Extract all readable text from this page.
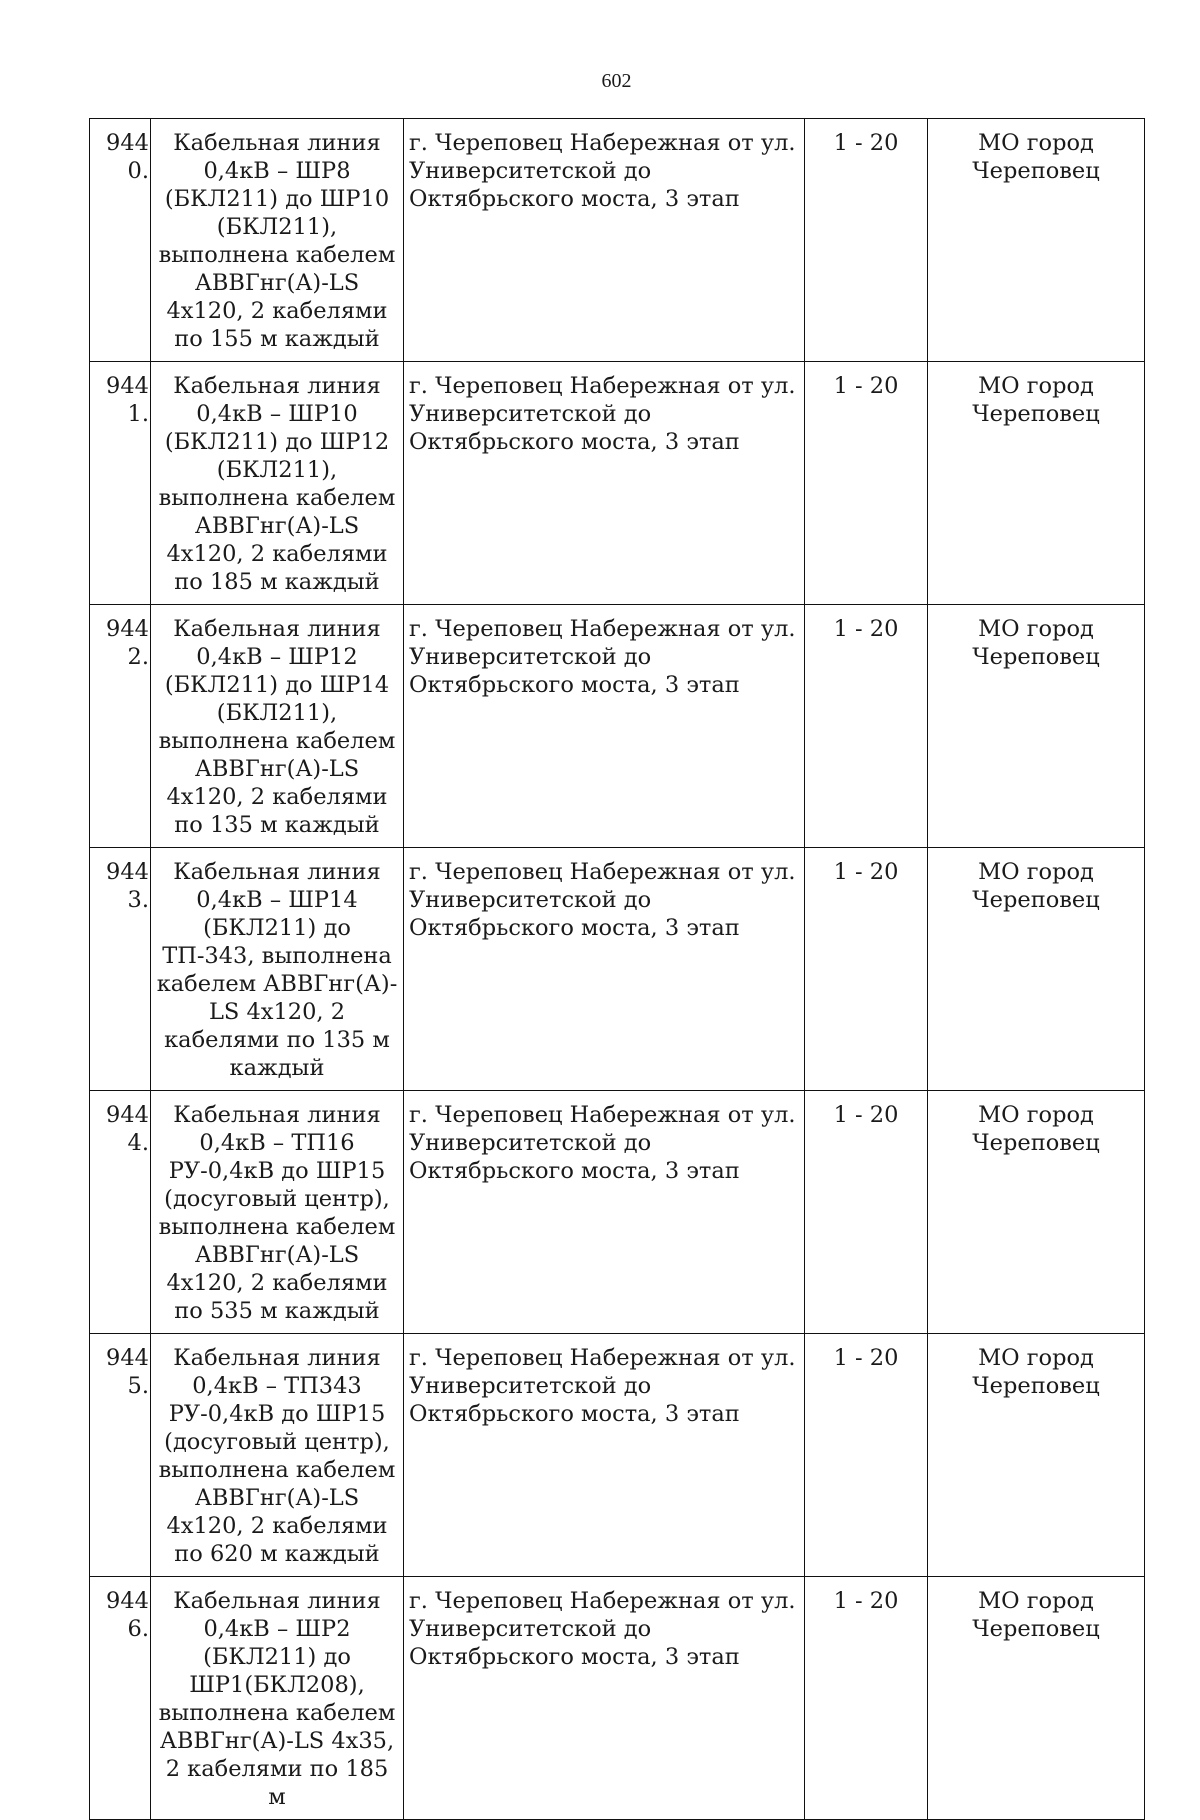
602
9440.	Кабельная линия 0,4кВ – ШР8 (БКЛ211) до ШР10 (БКЛ211), выполнена кабелем АВВГнг(А)-LS 4х120, 2 кабелями по 155 м каждый	г. Череповец Набережная от ул. Университетской до Октябрьского моста, 3 этап	1 - 20	МО город Череповец
9441.	Кабельная линия 0,4кВ – ШР10 (БКЛ211) до ШР12 (БКЛ211), выполнена кабелем АВВГнг(А)-LS 4х120, 2 кабелями по 185 м каждый	г. Череповец Набережная от ул. Университетской до Октябрьского моста, 3 этап	1 - 20	МО город Череповец
9442.	Кабельная линия 0,4кВ – ШР12 (БКЛ211) до ШР14 (БКЛ211), выполнена кабелем АВВГнг(А)-LS 4х120, 2 кабелями по 135 м каждый	г. Череповец Набережная от ул. Университетской до Октябрьского моста, 3 этап	1 - 20	МО город Череповец
9443.	Кабельная линия 0,4кВ – ШР14 (БКЛ211) до ТП-343, выполнена кабелем АВВГнг(А)-LS 4х120, 2 кабелями по 135 м каждый	г. Череповец Набережная от ул. Университетской до Октябрьского моста, 3 этап	1 - 20	МО город Череповец
9444.	Кабельная линия 0,4кВ – ТП16 РУ-0,4кВ до ШР15 (досуговый центр), выполнена кабелем АВВГнг(А)-LS 4х120, 2 кабелями по 535 м каждый	г. Череповец Набережная от ул. Университетской до Октябрьского моста, 3 этап	1 - 20	МО город Череповец
9445.	Кабельная линия 0,4кВ – ТП343 РУ-0,4кВ до ШР15 (досуговый центр), выполнена кабелем АВВГнг(А)-LS 4х120, 2 кабелями по 620 м каждый	г. Череповец Набережная от ул. Университетской до Октябрьского моста, 3 этап	1 - 20	МО город Череповец
9446.	Кабельная линия 0,4кВ – ШР2 (БКЛ211) до ШР1(БКЛ208), выполнена кабелем АВВГнг(А)-LS 4х35, 2 кабелями по 185 м	г. Череповец Набережная от ул. Университетской до Октябрьского моста, 3 этап	1 - 20	МО город Череповец
